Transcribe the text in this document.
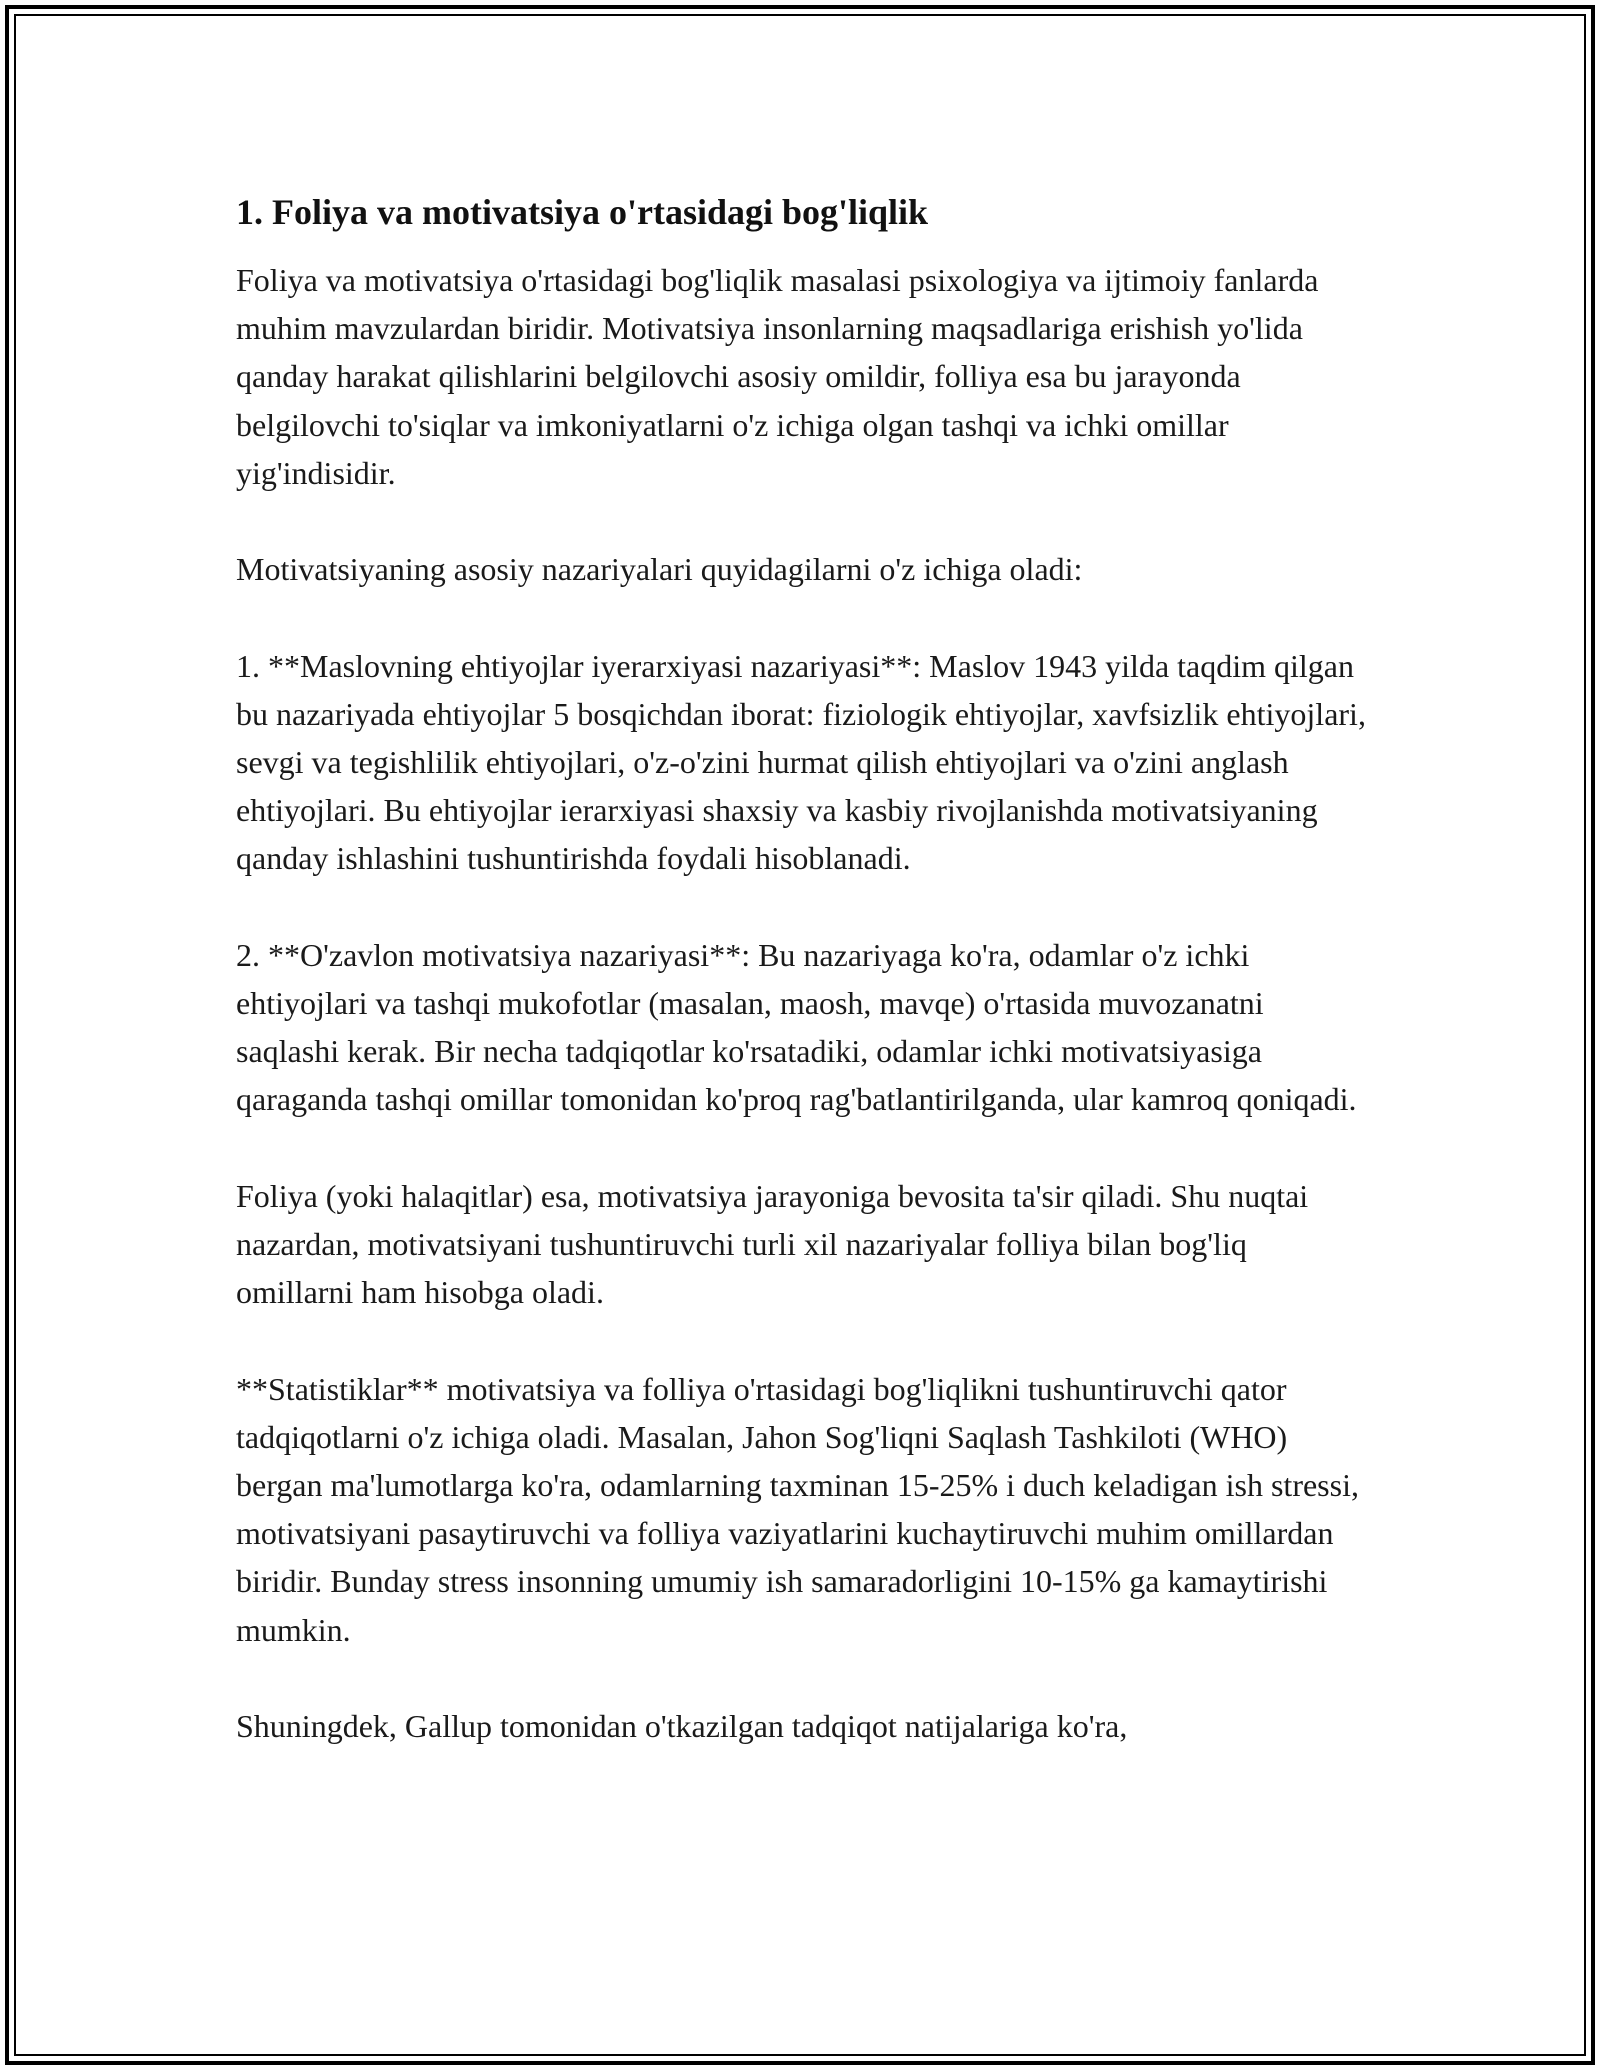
1. Foliya va motivatsiya o'rtasidagi bog'liqlik

Foliya va motivatsiya o'rtasidagi bog'liqlik masalasi psixologiya va ijtimoiy fanlarda muhim mavzulardan biridir. Motivatsiya insonlarning maqsadlariga erishish yo'lida qanday harakat qilishlarini belgilovchi asosiy omildir, folliya esa bu jarayonda belgilovchi to'siqlar va imkoniyatlarni o'z ichiga olgan tashqi va ichki omillar yig'indisidir.

Motivatsiyaning asosiy nazariyalari quyidagilarni o'z ichiga oladi:

1. **Maslovning ehtiyojlar iyerarxiyasi nazariyasi**: Maslov 1943 yilda taqdim qilgan bu nazariyada ehtiyojlar 5 bosqichdan iborat: fiziologik ehtiyojlar, xavfsizlik ehtiyojlari, sevgi va tegishlilik ehtiyojlari, o'z-o'zini hurmat qilish ehtiyojlari va o'zini anglash ehtiyojlari. Bu ehtiyojlar ierarxiyasi shaxsiy va kasbiy rivojlanishda motivatsiyaning qanday ishlashini tushuntirishda foydali hisoblanadi.

2. **O'zavlon motivatsiya nazariyasi**: Bu nazariyaga ko'ra, odamlar o'z ichki ehtiyojlari va tashqi mukofotlar (masalan, maosh, mavqe) o'rtasida muvozanatni saqlashi kerak. Bir necha tadqiqotlar ko'rsatadiki, odamlar ichki motivatsiyasiga qaraganda tashqi omillar tomonidan ko'proq rag'batlantirilganda, ular kamroq qoniqadi.

Foliya (yoki halaqitlar) esa, motivatsiya jarayoniga bevosita ta'sir qiladi. Shu nuqtai nazardan, motivatsiyani tushuntiruvchi turli xil nazariyalar folliya bilan bog'liq omillarni ham hisobga oladi.

**Statistiklar** motivatsiya va folliya o'rtasidagi bog'liqlikni tushuntiruvchi qator tadqiqotlarni o'z ichiga oladi. Masalan, Jahon Sog'liqni Saqlash Tashkiloti (WHO) bergan ma'lumotlarga ko'ra, odamlarning taxminan 15-25% i duch keladigan ish stressi, motivatsiyani pasaytiruvchi va folliya vaziyatlarini kuchaytiruvchi muhim omillardan biridir. Bunday stress insonning umumiy ish samaradorligini 10-15% ga kamaytirishi mumkin.

Shuningdek, Gallup tomonidan o'tkazilgan tadqiqot natijalariga ko'ra,
